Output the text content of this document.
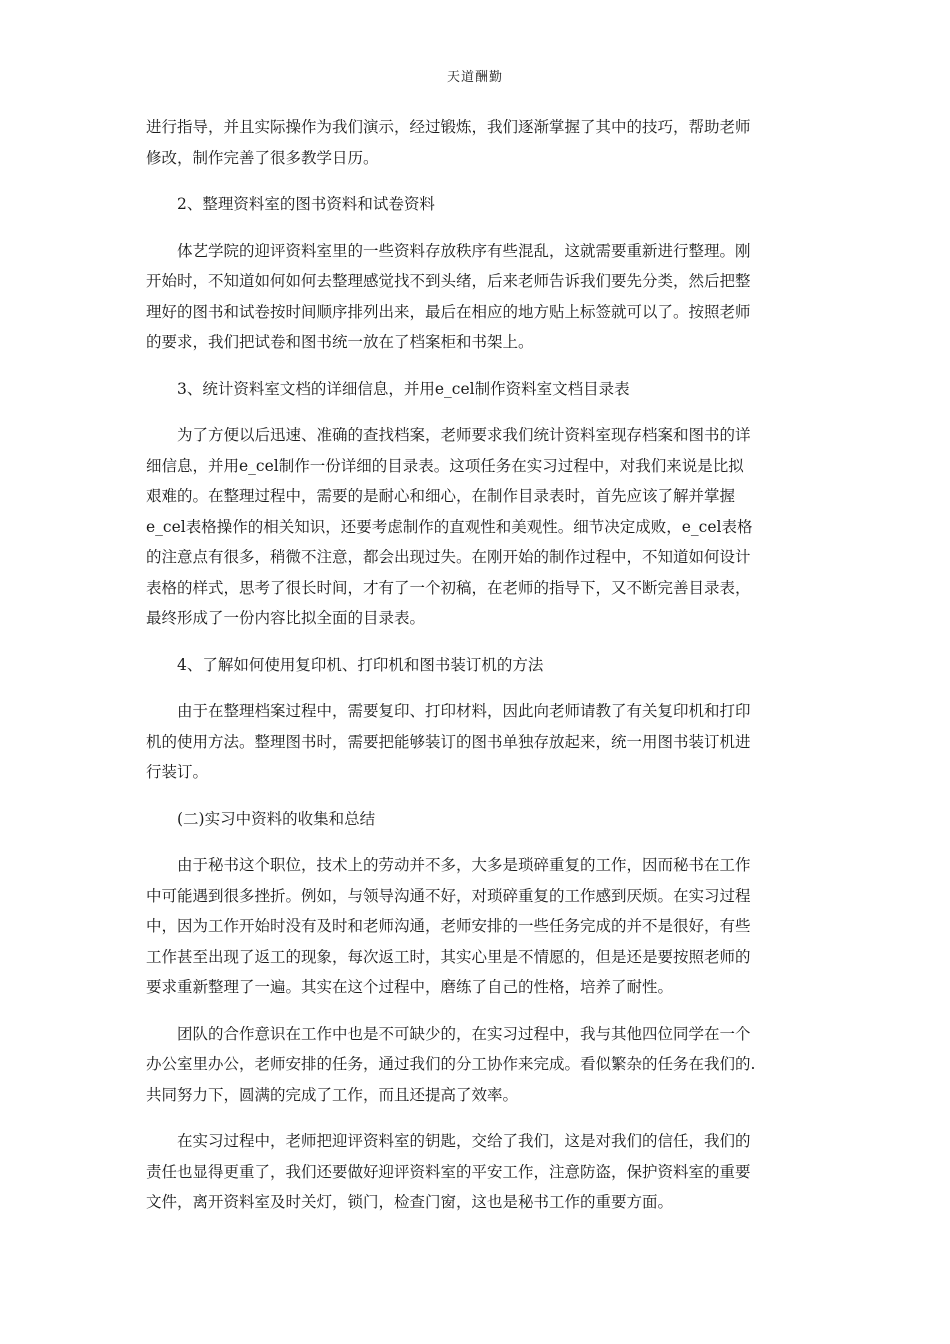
天道酬勤
进行指导，并且实际操作为我们演示，经过锻炼，我们逐渐掌握了其中的技巧，帮助老师
修改，制作完善了很多教学日历。
2、整理资料室的图书资料和试卷资料
体艺学院的迎评资料室里的一些资料存放秩序有些混乱，这就需要重新进行整理。刚
开始时，不知道如何如何去整理感觉找不到头绪，后来老师告诉我们要先分类，然后把整
理好的图书和试卷按时间顺序排列出来，最后在相应的地方贴上标签就可以了。按照老师
的要求，我们把试卷和图书统一放在了档案柜和书架上。
3、统计资料室文档的详细信息，并用e_cel制作资料室文档目录表
为了方便以后迅速、准确的查找档案，老师要求我们统计资料室现存档案和图书的详
细信息，并用e_cel制作一份详细的目录表。这项任务在实习过程中，对我们来说是比拟
艰难的。在整理过程中，需要的是耐心和细心，在制作目录表时，首先应该了解并掌握
e_cel表格操作的相关知识，还要考虑制作的直观性和美观性。细节决定成败，e_cel表格
的注意点有很多，稍微不注意，都会出现过失。在刚开始的制作过程中，不知道如何设计
表格的样式，思考了很长时间，才有了一个初稿，在老师的指导下，又不断完善目录表，
最终形成了一份内容比拟全面的目录表。
4、了解如何使用复印机、打印机和图书装订机的方法
由于在整理档案过程中，需要复印、打印材料，因此向老师请教了有关复印机和打印
机的使用方法。整理图书时，需要把能够装订的图书单独存放起来，统一用图书装订机进
行装订。
(二)实习中资料的收集和总结
由于秘书这个职位，技术上的劳动并不多，大多是琐碎重复的工作，因而秘书在工作
中可能遇到很多挫折。例如，与领导沟通不好，对琐碎重复的工作感到厌烦。在实习过程
中，因为工作开始时没有及时和老师沟通，老师安排的一些任务完成的并不是很好，有些
工作甚至出现了返工的现象，每次返工时，其实心里是不情愿的，但是还是要按照老师的
要求重新整理了一遍。其实在这个过程中，磨练了自己的性格，培养了耐性。
团队的合作意识在工作中也是不可缺少的，在实习过程中，我与其他四位同学在一个
办公室里办公，老师安排的任务，通过我们的分工协作来完成。看似繁杂的任务在我们的.
共同努力下，圆满的完成了工作，而且还提高了效率。
在实习过程中，老师把迎评资料室的钥匙，交给了我们，这是对我们的信任，我们的
责任也显得更重了，我们还要做好迎评资料室的平安工作，注意防盗，保护资料室的重要
文件，离开资料室及时关灯，锁门，检查门窗，这也是秘书工作的重要方面。
